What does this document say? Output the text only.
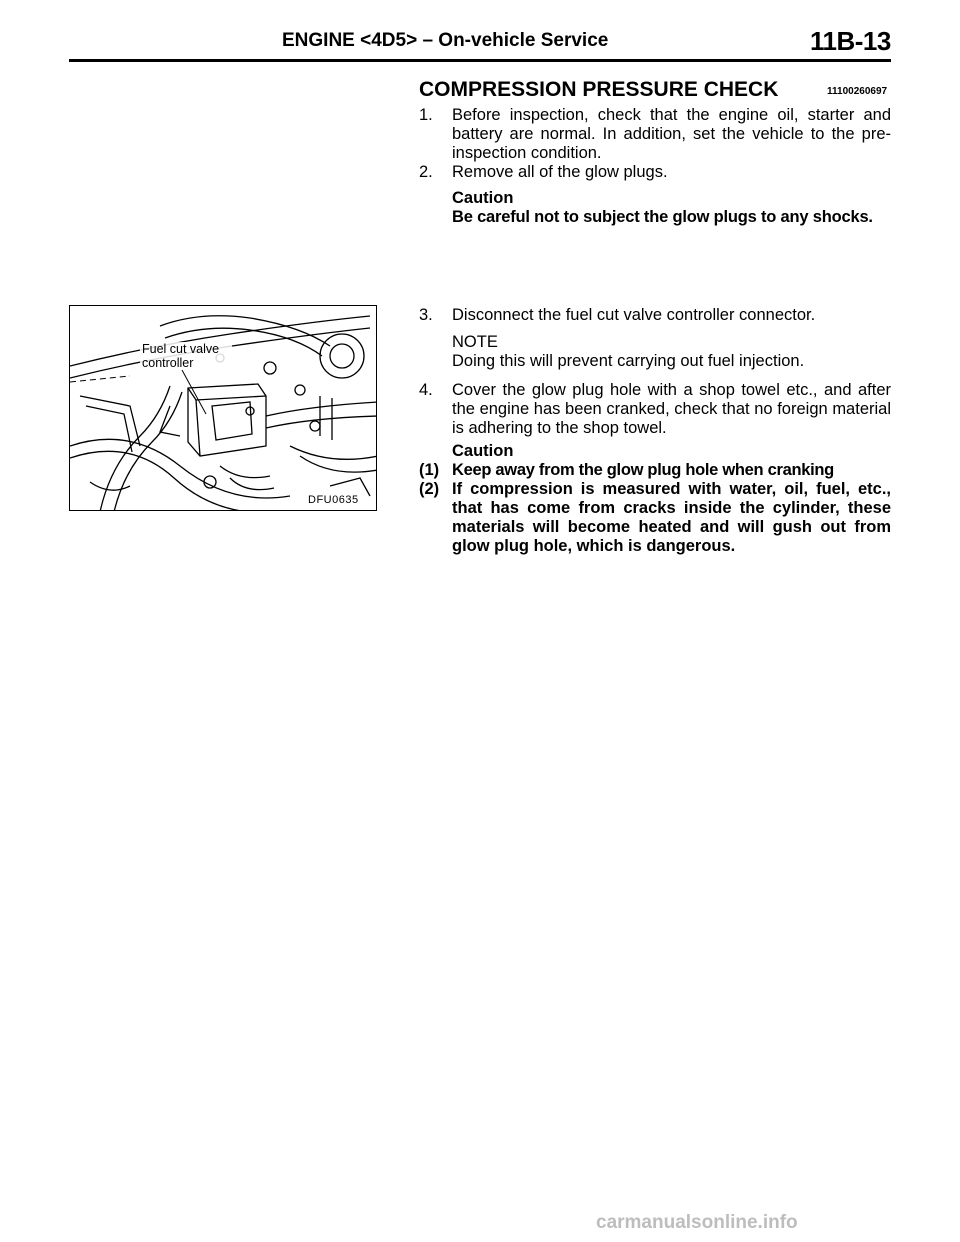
ENGINE <4D5> – On-vehicle Service	11B-13
COMPRESSION PRESSURE CHECK	11100260697
1. Before inspection, check that the engine oil, starter and battery are normal. In addition, set the vehicle to the pre-inspection condition.
2. Remove all of the glow plugs.
Caution
Be careful not to subject the glow plugs to any shocks.
3. Disconnect the fuel cut valve controller connector.
NOTE
Doing this will prevent carrying out fuel injection.
4. Cover the glow plug hole with a shop towel etc., and after the engine has been cranked, check that no foreign material is adhering to the shop towel.
Caution
(1) Keep away from the glow plug hole when cranking
(2) If compression is measured with water, oil, fuel, etc., that has come from cracks inside the cylinder, these materials will become heated and will gush out from glow plug hole, which is dangerous.
Fuel cut valve controller
DFU0635
carmanualsonline.info
